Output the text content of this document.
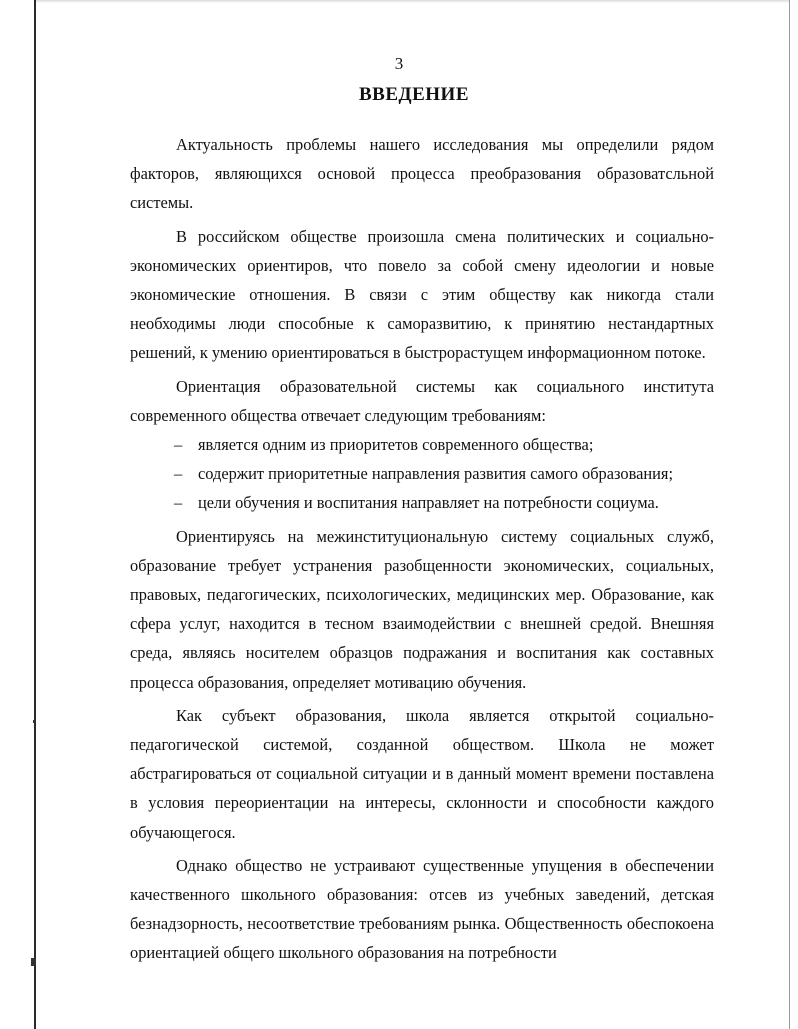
3
ВВЕДЕНИЕ

Актуальность проблемы нашего исследования мы определили рядом факторов, являющихся основой процесса преобразования образоватсльной системы.

В российском обществе произошла смена политических и социально-экономических ориентиров, что повело за собой смену идеологии и новые экономические отношения. В связи с этим обществу как никогда стали необходимы люди способные к саморазвитию, к принятию нестандартных решений, к умению ориентироваться в быстрорастущем информационном потоке.

Ориентация образовательной системы как социального института современного общества отвечает следующим требованиям:

– является одним из приоритетов современного общества;
– содержит приоритетные направления развития самого образования;
– цели обучения и воспитания направляет на потребности социума.

Ориентируясь на межинституциональную систему социальных служб, образование требует устранения разобщенности экономических, социальных, правовых, педагогических, психологических, медицинских мер. Образование, как сфера услуг, находится в тесном взаимодействии с внешней средой. Внешняя среда, являясь носителем образцов подражания и воспитания как составных процесса образования, определяет мотивацию обучения.

Как субъект образования, школа является открытой социально-педагогической системой, созданной обществом. Школа не может абстрагироваться от социальной ситуации и в данный момент времени поставлена в условия переориентации на интересы, склонности и способности каждого обучающегося.

Однако общество не устраивают существенные упущения в обеспечении качественного школьного образования: отсев из учебных заведений, детская безнадзорность, несоответствие требованиям рынка. Общественность обеспокоена ориентацией общего школьного образования на потребности
